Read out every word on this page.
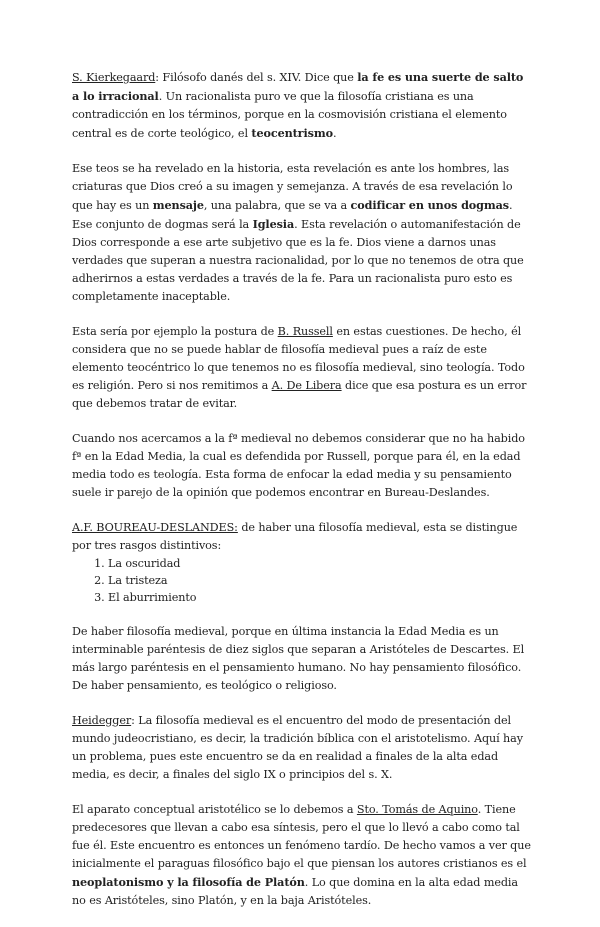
S. Kierkegaard: Filósofo danés del s. XIV. Dice que la fe es una suerte de salto a lo irracional. Un racionalista puro ve que la filosofía cristiana es una contradicción en los términos, porque en la cosmovisión cristiana el elemento central es de corte teológico, el teocentrismo.

Ese teos se ha revelado en la historia, esta revelación es ante los hombres, las criaturas que Dios creó a su imagen y semejanza. A través de esa revelación lo que hay es un mensaje, una palabra, que se va a codificar en unos dogmas. Ese conjunto de dogmas será la Iglesia. Esta revelación o automanifestación de Dios corresponde a ese arte subjetivo que es la fe. Dios viene a darnos unas verdades que superan a nuestra racionalidad, por lo que no tenemos de otra que adherirnos a estas verdades a través de la fe. Para un racionalista puro esto es completamente inaceptable.

Esta sería por ejemplo la postura de B. Russell en estas cuestiones. De hecho, él considera que no se puede hablar de filosofía medieval pues a raíz de este elemento teocéntrico lo que tenemos no es filosofía medieval, sino teología. Todo es religión. Pero si nos remitimos a A. De Libera dice que esa postura es un error que debemos tratar de evitar.

Cuando nos acercamos a la fª medieval no debemos considerar que no ha habido fª en la Edad Media, la cual es defendida por Russell, porque para él, en la edad media todo es teología. Esta forma de enfocar la edad media y su pensamiento suele ir parejo de la opinión que podemos encontrar en Bureau-Deslandes.

A.F. BOUREAU-DESLANDES: de haber una filosofía medieval, esta se distingue por tres rasgos distintivos:

1. La oscuridad
2. La tristeza
3. El aburrimiento

De haber filosofía medieval, porque en última instancia la Edad Media es un interminable paréntesis de diez siglos que separan a Aristóteles de Descartes. El más largo paréntesis en el pensamiento humano. No hay pensamiento filosófico. De haber pensamiento, es teológico o religioso.

Heidegger: La filosofía medieval es el encuentro del modo de presentación del mundo judeocristiano, es decir, la tradición bíblica con el aristotelismo. Aquí hay un problema, pues este encuentro se da en realidad a finales de la alta edad media, es decir, a finales del siglo IX o principios del s. X.

El aparato conceptual aristotélico se lo debemos a Sto. Tomás de Aquino. Tiene predecesores que llevan a cabo esa síntesis, pero el que lo llevó a cabo como tal fue él. Este encuentro es entonces un fenómeno tardío. De hecho vamos a ver que inicialmente el paraguas filosófico bajo el que piensan los autores cristianos es el neoplatonismo y la filosofía de Platón. Lo que domina en la alta edad media no es Aristóteles, sino Platón, y en la baja Aristóteles.
